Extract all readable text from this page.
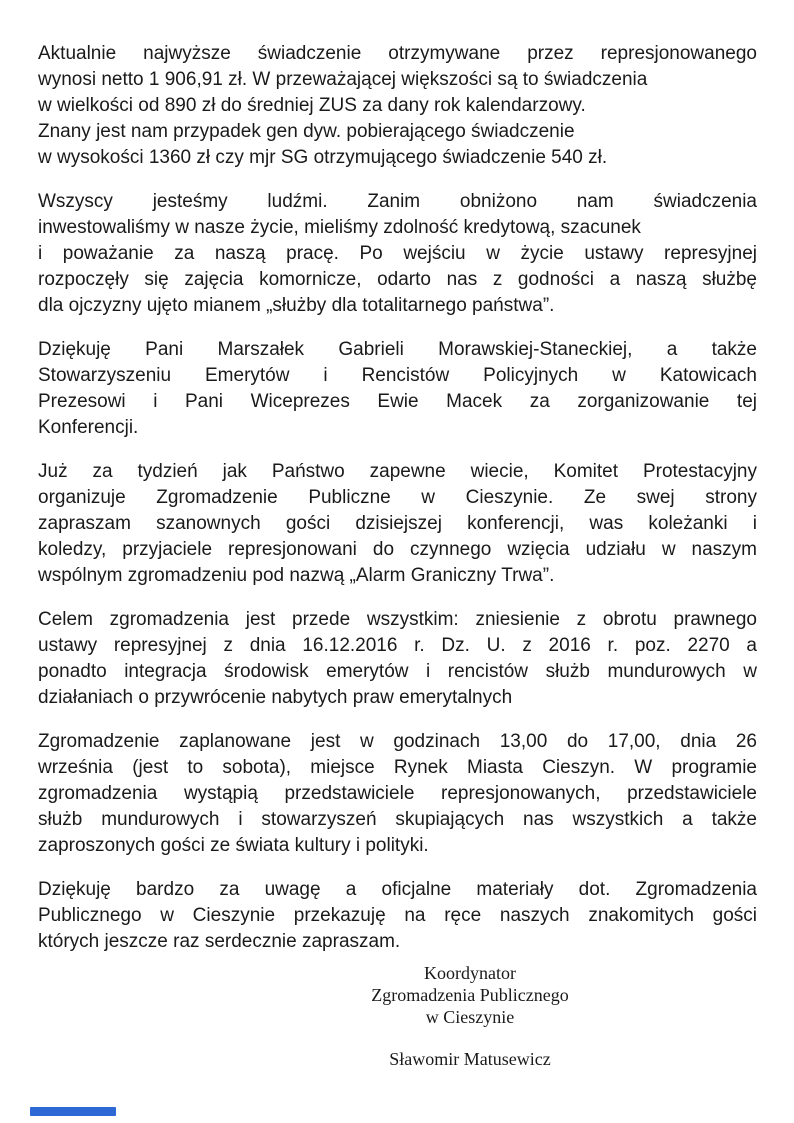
Aktualnie najwyższe świadczenie otrzymywane przez represjonowanego
wynosi netto 1 906,91 zł. W przeważającej większości są to świadczenia
w wielkości od 890 zł do średniej ZUS za dany rok kalendarzowy.
Znany jest nam przypadek gen dyw. pobierającego świadczenie
w wysokości 1360 zł czy mjr SG otrzymującego świadczenie 540 zł.
Wszyscy jesteśmy ludźmi. Zanim obniżono nam świadczenia
inwestowaliśmy w nasze życie, mieliśmy zdolność kredytową, szacunek
i poważanie za naszą pracę. Po wejściu w życie ustawy represyjnej
rozpoczęły się zajęcia komornicze, odarto nas z godności a naszą służbę
dla ojczyzny ujęto mianem „służby dla totalitarnego państwa”.
Dziękuję Pani Marszałek Gabrieli Morawskiej-Staneckiej, a także
Stowarzyszeniu Emerytów i Rencistów Policyjnych w Katowicach
Prezesowi i Pani Wiceprezes Ewie Macek za zorganizowanie tej
Konferencji.
Już za tydzień jak Państwo zapewne wiecie, Komitet Protestacyjny
organizuje Zgromadzenie Publiczne w Cieszynie. Ze swej strony
zapraszam szanownych gości dzisiejszej konferencji, was koleżanki i
koledzy, przyjaciele represjonowani do czynnego wzięcia udziału w naszym
wspólnym zgromadzeniu pod nazwą „Alarm Graniczny Trwa”.
Celem zgromadzenia jest przede wszystkim: zniesienie z obrotu prawnego
ustawy represyjnej z dnia 16.12.2016 r. Dz. U. z 2016 r. poz. 2270 a
ponadto integracja środowisk emerytów i rencistów służb mundurowych w
działaniach o przywrócenie nabytych praw emerytalnych
Zgromadzenie zaplanowane jest w godzinach 13,00 do 17,00, dnia 26
września (jest to sobota), miejsce Rynek Miasta Cieszyn. W programie
zgromadzenia wystąpią przedstawiciele represjonowanych, przedstawiciele
służb mundurowych i stowarzyszeń skupiających nas wszystkich a także
zaproszonych gości ze świata kultury i polityki.
Dziękuję bardzo za uwagę a oficjalne materiały dot. Zgromadzenia
Publicznego w Cieszynie przekazuję na ręce naszych znakomitych gości
których jeszcze raz serdecznie zapraszam.
Koordynator
Zgromadzenia Publicznego
w Cieszynie
Sławomir Matusewicz
